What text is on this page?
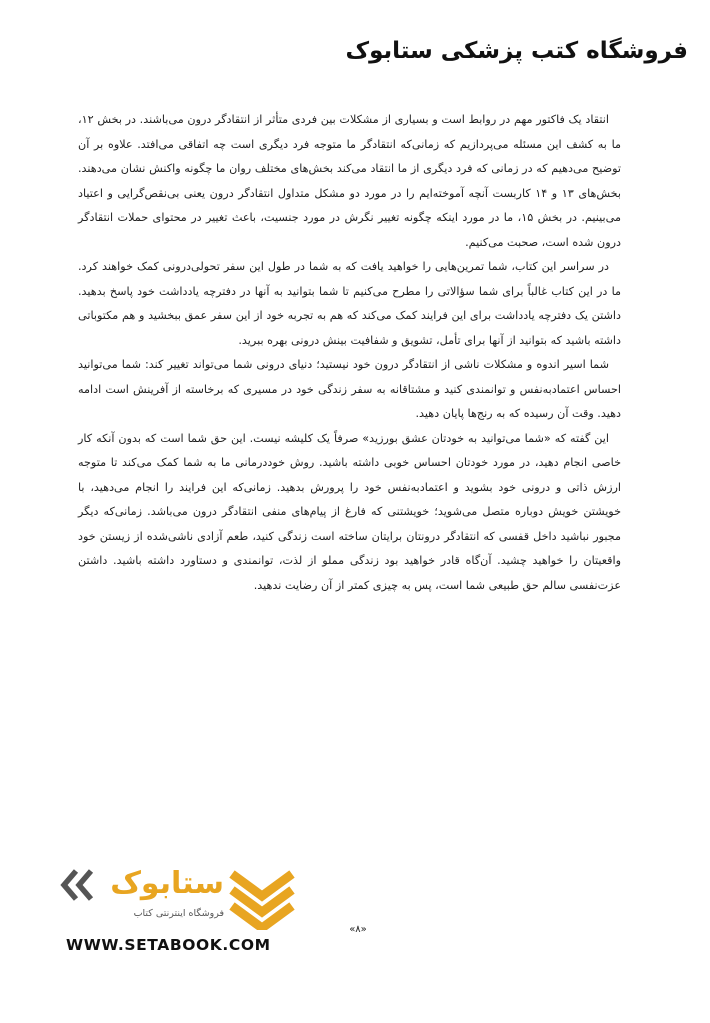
فروشگاه کتب پزشکی ستابوک

انتقاد یک فاکتور مهم در روابط است و بسیاری از مشکلات بین فردی متأثر از انتقادگر درون می‌باشند. در بخش ۱۲، ما به کشف این مسئله می‌پردازیم که زمانی‌که انتقادگر ما متوجه فرد دیگری است چه اتفاقی می‌افتد. علاوه بر آن توضیح می‌دهیم که در زمانی که فرد دیگری از ما انتقاد می‌کند بخش‌های مختلف روان ما چگونه واکنش نشان می‌دهند. بخش‌های ۱۳ و ۱۴ کاربست آنچه آموخته‌ایم را در مورد دو مشکل متداول انتقادگر درون یعنی بی‌نقص‌گرایی و اعتیاد می‌بینیم. در بخش ۱۵، ما در مورد اینکه چگونه تغییر نگرش در مورد جنسیت، باعث تغییر در محتوای حملات انتقادگر درون شده است، صحبت می‌کنیم.

در سراسر این کتاب، شما تمرین‌هایی را خواهید یافت که به شما در طول این سفر تحولی‌درونی کمک خواهند کرد. ما در این کتاب غالباً برای شما سؤالاتی را مطرح می‌کنیم تا شما بتوانید به آنها در دفترچه یادداشت خود پاسخ بدهید. داشتن یک دفترچه یادداشت برای این فرایند کمک می‌کند که هم به تجربه خود از این سفر عمق ببخشید و هم مکتوباتی داشته باشید که بتوانید از آنها برای تأمل، تشویق و شفافیت بینش درونی بهره ببرید.

شما اسیر اندوه و مشکلات ناشی از انتقادگر درون خود نیستید؛ دنیای درونی شما می‌تواند تغییر کند: شما می‌توانید احساس اعتمادبه‌نفس و توانمندی کنید و مشتاقانه به سفر زندگی خود در مسیری که برخاسته از آفرینش است ادامه دهید. وقت آن رسیده که به رنج‌ها پایان دهید.

این گفته که «شما می‌توانید به خودتان عشق بورزید» صرفاً یک کلیشه نیست. این حق شما است که بدون آنکه کار خاصی انجام دهید، در مورد خودتان احساس خوبی داشته باشید. روش خوددرمانی ما به شما کمک می‌کند تا متوجه ارزش ذاتی و درونی خود بشوید و اعتمادبه‌نفس خود را پرورش بدهید. زمانی‌که این فرایند را انجام می‌دهید، با خویشتن خویش دوباره متصل می‌شوید؛ خویشتنی که فارغ از پیام‌های منفی انتقادگر درون می‌باشد. زمانی‌که دیگر مجبور نباشید داخل قفسی که انتقادگر درونتان برایتان ساخته است زندگی کنید، طعم آزادی ناشی‌شده از زیستن خود واقعیتان را خواهید چشید. آن‌گاه قادر خواهید بود زندگی مملو از لذت، توانمندی و دستاورد داشته باشید. داشتن عزت‌نفسی سالم حق طبیعی شما است، پس به چیزی کمتر از آن رضایت ندهید.

«۸»
ستابوک
فروشگاه اینترنتی کتاب
WWW.SETABOOK.COM
